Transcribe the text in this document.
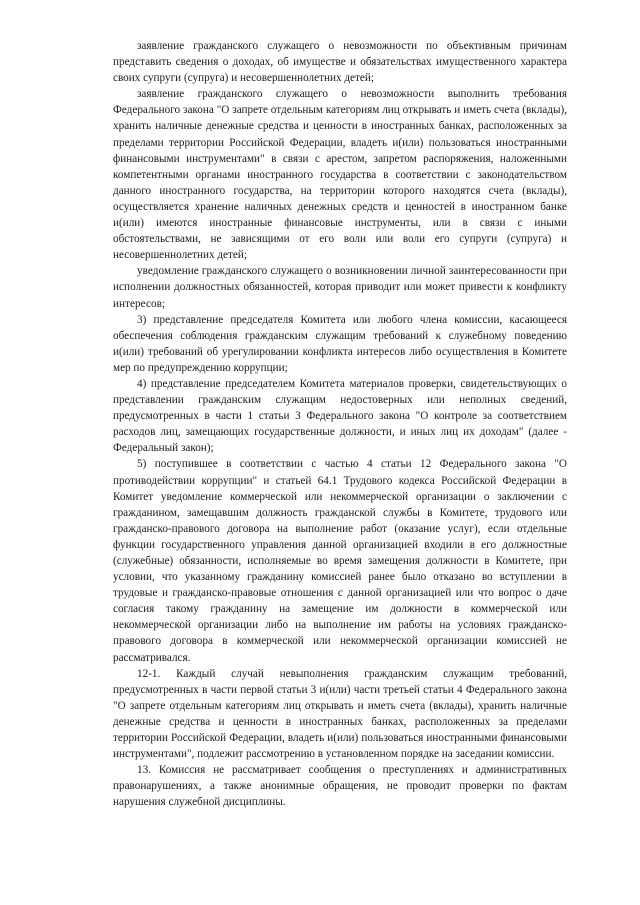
заявление гражданского служащего о невозможности по объективным причинам представить сведения о доходах, об имуществе и обязательствах имущественного характера своих супруги (супруга) и несовершеннолетних детей;

заявление гражданского служащего о невозможности выполнить требования Федерального закона "О запрете отдельным категориям лиц открывать и иметь счета (вклады), хранить наличные денежные средства и ценности в иностранных банках, расположенных за пределами территории Российской Федерации, владеть и(или) пользоваться иностранными финансовыми инструментами" в связи с арестом, запретом распоряжения, наложенными компетентными органами иностранного государства в соответствии с законодательством данного иностранного государства, на территории которого находятся счета (вклады), осуществляется хранение наличных денежных средств и ценностей в иностранном банке и(или) имеются иностранные финансовые инструменты, или в связи с иными обстоятельствами, не зависящими от его воли или воли его супруги (супруга) и несовершеннолетних детей;

уведомление гражданского служащего о возникновении личной заинтересованности при исполнении должностных обязанностей, которая приводит или может привести к конфликту интересов;

3) представление председателя Комитета или любого члена комиссии, касающееся обеспечения соблюдения гражданским служащим требований к служебному поведению и(или) требований об урегулировании конфликта интересов либо осуществления в Комитете мер по предупреждению коррупции;

4) представление председателем Комитета материалов проверки, свидетельствующих о представлении гражданским служащим недостоверных или неполных сведений, предусмотренных в части 1 статьи 3 Федерального закона "О контроле за соответствием расходов лиц, замещающих государственные должности, и иных лиц их доходам" (далее - Федеральный закон);

5) поступившее в соответствии с частью 4 статьи 12 Федерального закона "О противодействии коррупции" и статьей 64.1 Трудового кодекса Российской Федерации в Комитет уведомление коммерческой или некоммерческой организации о заключении с гражданином, замещавшим должность гражданской службы в Комитете, трудового или гражданско-правового договора на выполнение работ (оказание услуг), если отдельные функции государственного управления данной организацией входили в его должностные (служебные) обязанности, исполняемые во время замещения должности в Комитете, при условии, что указанному гражданину комиссией ранее было отказано во вступлении в трудовые и гражданско-правовые отношения с данной организацией или что вопрос о даче согласия такому гражданину на замещение им должности в коммерческой или некоммерческой организации либо на выполнение им работы на условиях гражданско-правового договора в коммерческой или некоммерческой организации комиссией не рассматривался.

12-1. Каждый случай невыполнения гражданским служащим требований, предусмотренных в части первой статьи 3 и(или) части третьей статьи 4 Федерального закона "О запрете отдельным категориям лиц открывать и иметь счета (вклады), хранить наличные денежные средства и ценности в иностранных банках, расположенных за пределами территории Российской Федерации, владеть и(или) пользоваться иностранными финансовыми инструментами", подлежит рассмотрению в установленном порядке на заседании комиссии.

13. Комиссия не рассматривает сообщения о преступлениях и административных правонарушениях, а также анонимные обращения, не проводит проверки по фактам нарушения служебной дисциплины.
